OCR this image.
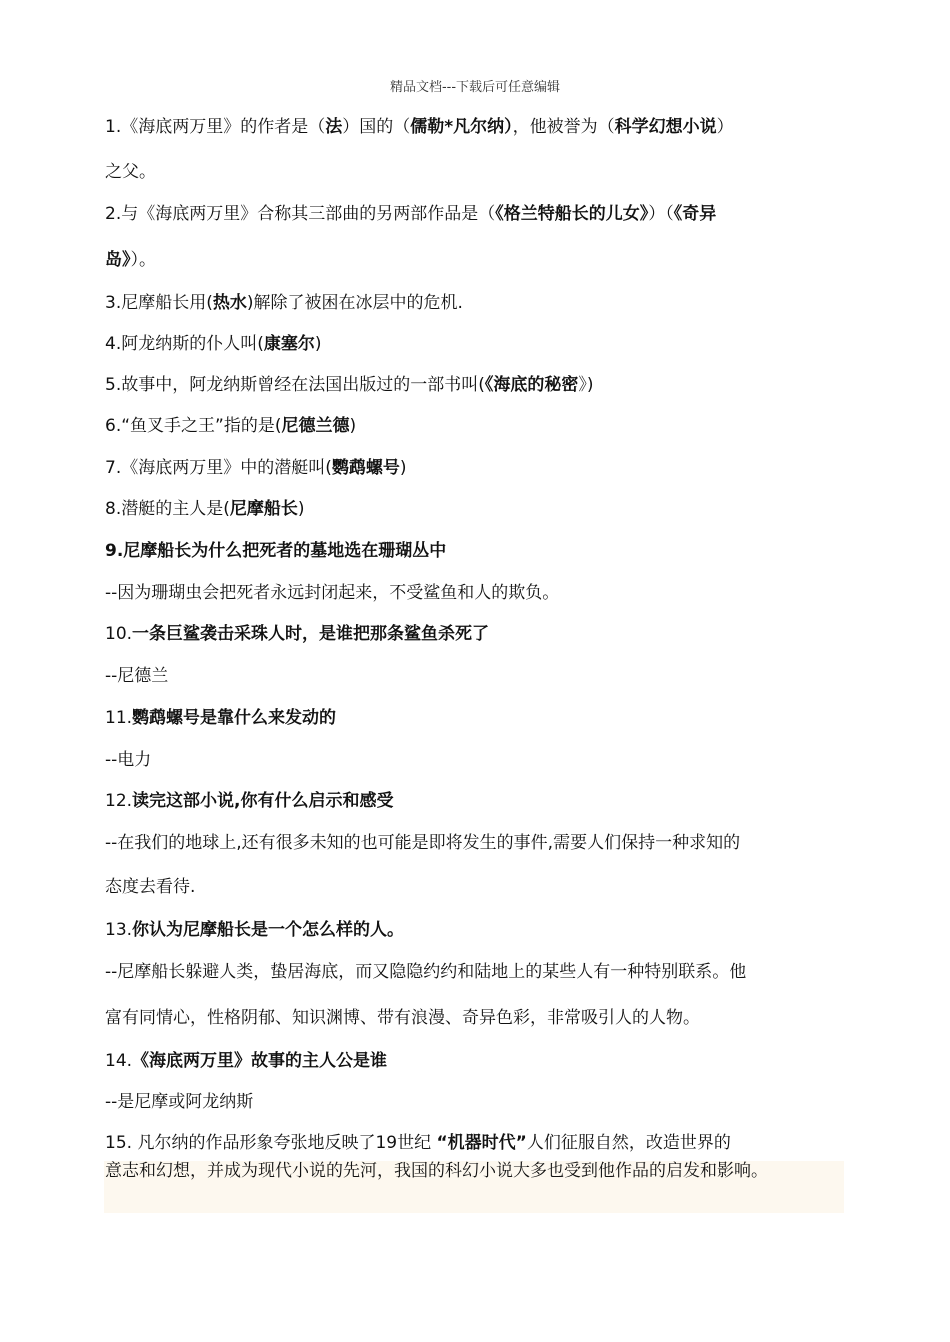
精品文档---下载后可任意编辑
1.《海底两万里》的作者是（法）国的（儒勒*凡尔纳），他被誉为（科学幻想小说）
之父。
2.与《海底两万里》合称其三部曲的另两部作品是（《格兰特船长的儿女》）（《奇异
岛》）。
3.尼摩船长用(热水)解除了被困在冰层中的危机.
4.阿龙纳斯的仆人叫(康塞尔)
5.故事中，阿龙纳斯曾经在法国出版过的一部书叫(《海底的秘密》)
6.“鱼叉手之王”指的是(尼德兰德)
7.《海底两万里》中的潜艇叫(鹦鹉螺号)
8.潜艇的主人是(尼摩船长)
9.尼摩船长为什么把死者的墓地选在珊瑚丛中
--因为珊瑚虫会把死者永远封闭起来，不受鲨鱼和人的欺负。
10.一条巨鲨袭击采珠人时，是谁把那条鲨鱼杀死了
--尼德兰
11.鹦鹉螺号是靠什么来发动的
--电力
12.读完这部小说,你有什么启示和感受
--在我们的地球上,还有很多未知的也可能是即将发生的事件,需要人们保持一种求知的
态度去看待.
13.你认为尼摩船长是一个怎么样的人。
--尼摩船长躲避人类，蛰居海底，而又隐隐约约和陆地上的某些人有一种特别联系。他
富有同情心，性格阴郁、知识渊博、带有浪漫、奇异色彩，非常吸引人的人物。
14.《海底两万里》故事的主人公是谁
--是尼摩或阿龙纳斯
15. 凡尔纳的作品形象夸张地反映了19世纪 “机器时代”人们征服自然，改造世界的
意志和幻想，并成为现代小说的先河，我国的科幻小说大多也受到他作品的启发和影响。
